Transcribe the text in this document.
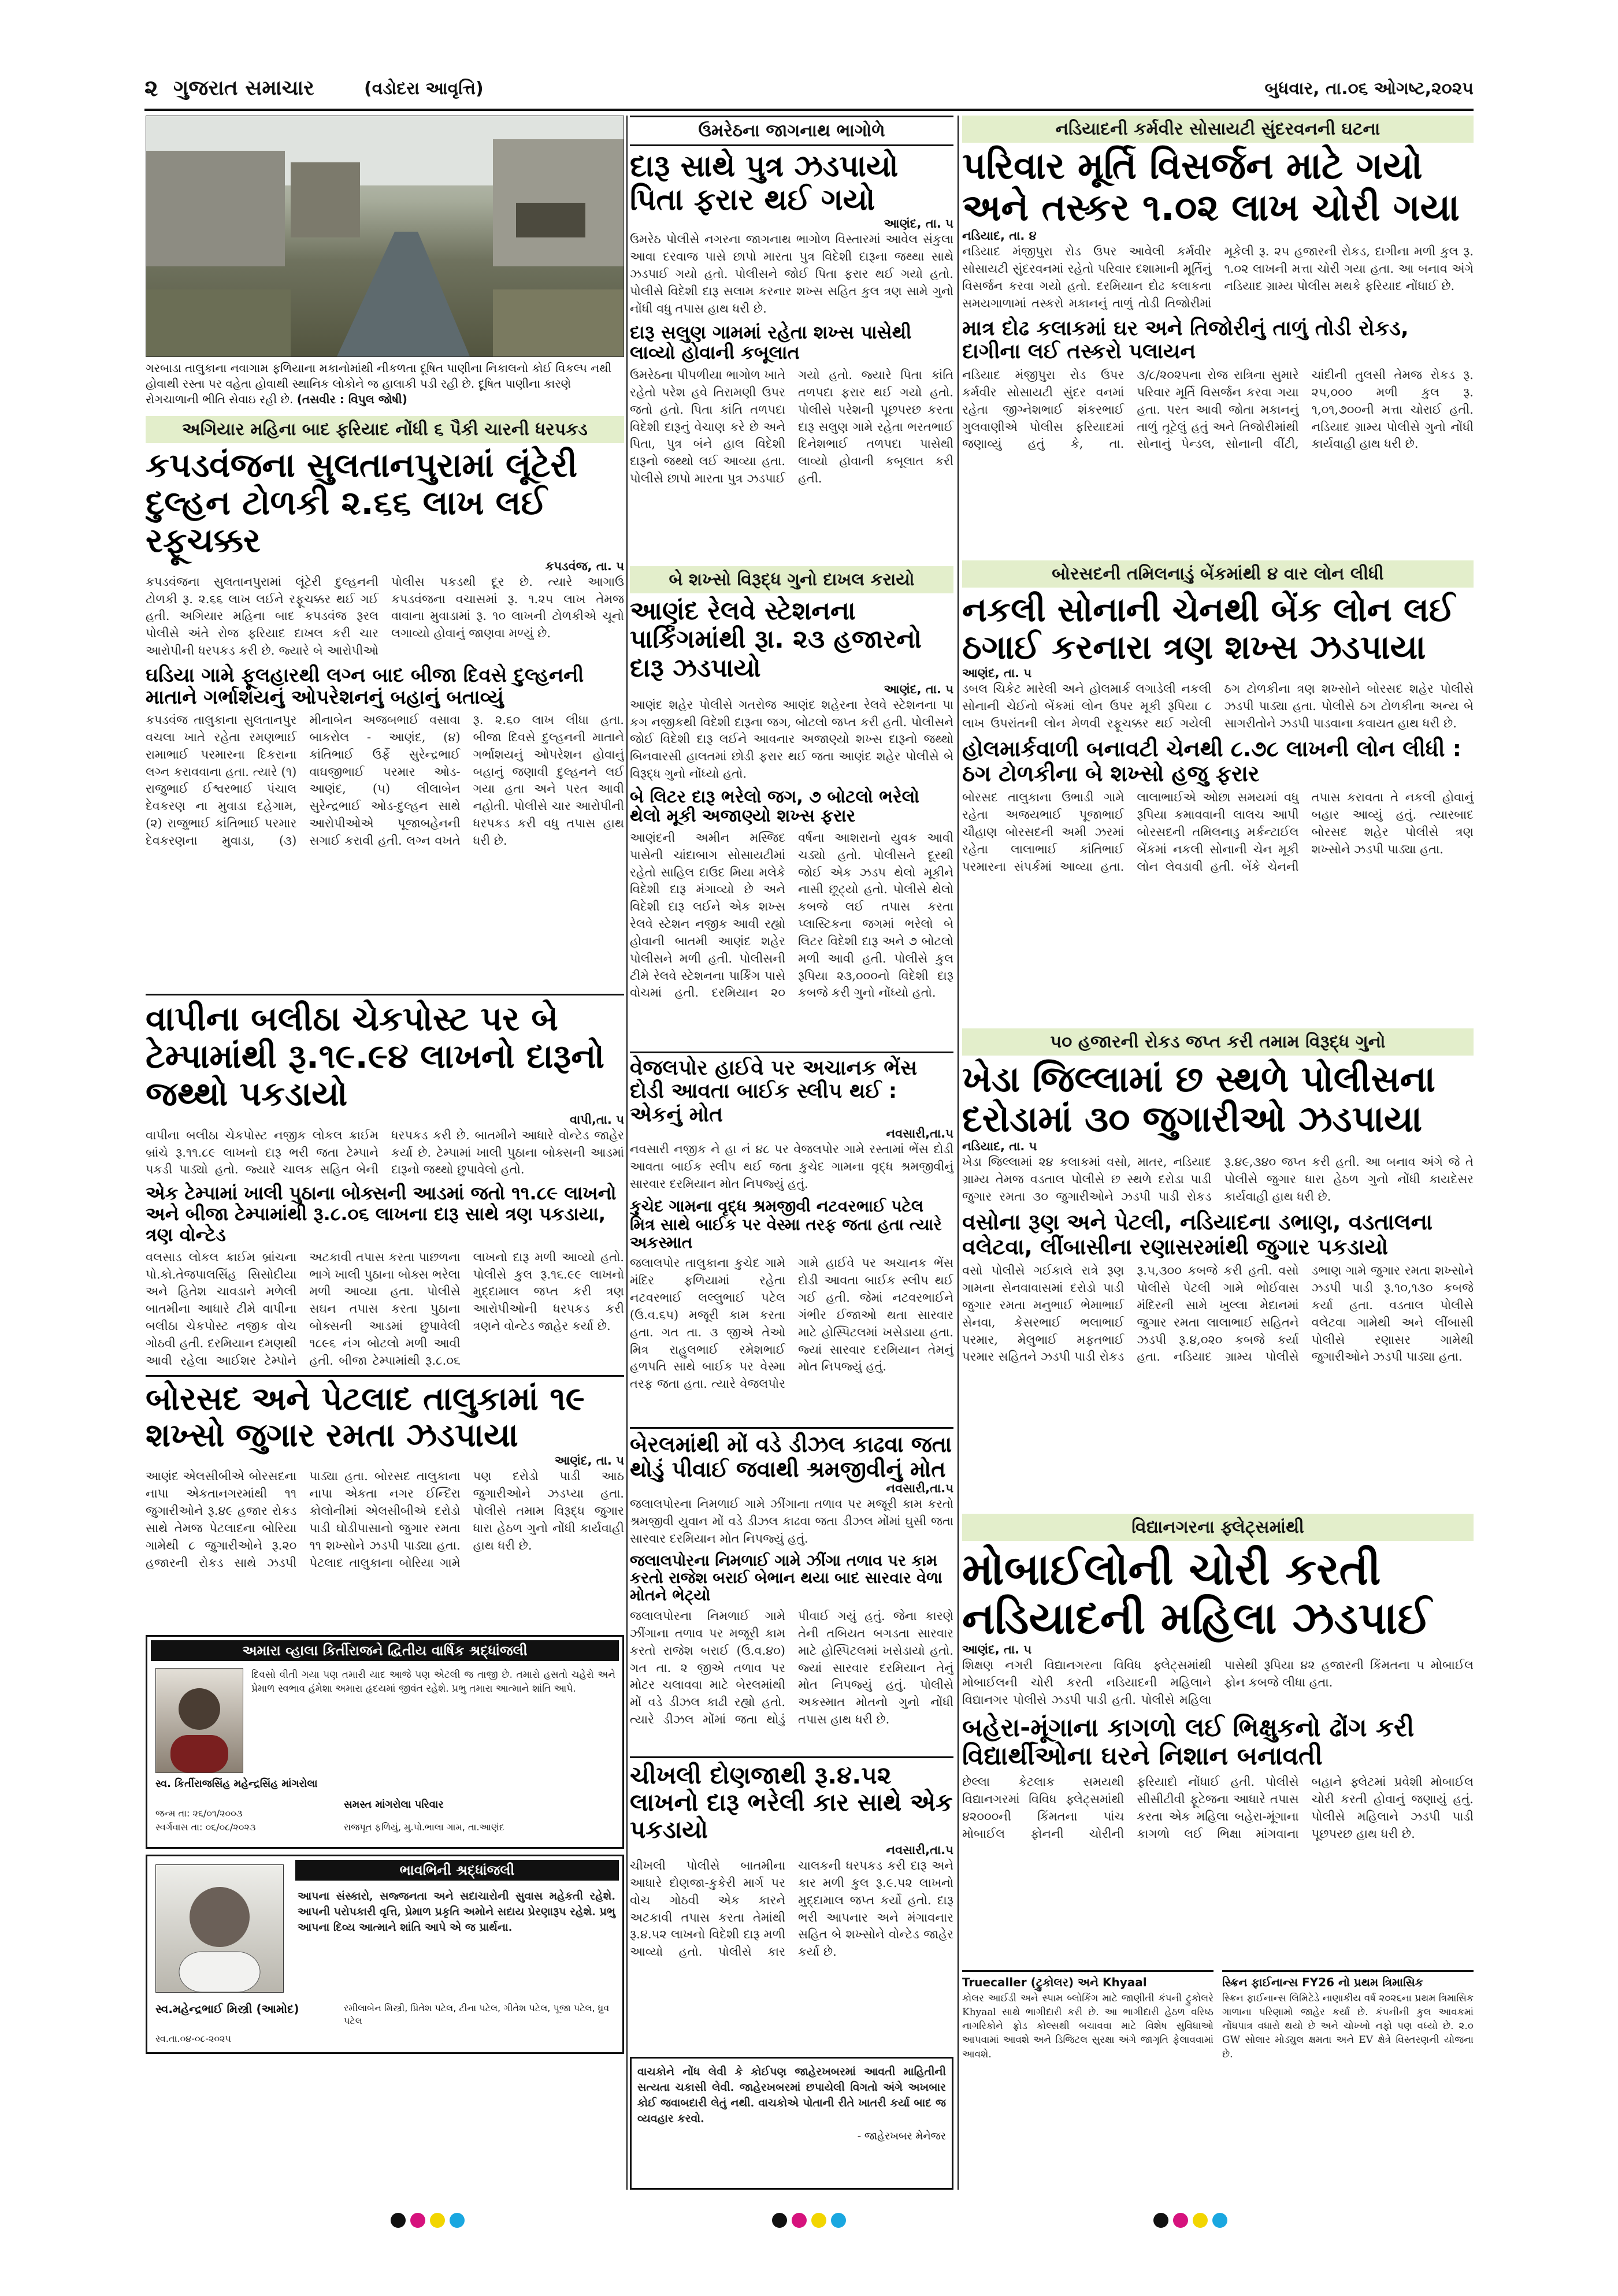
૨ ગુજરાત સમાચાર	(વડોદરા આવૃત્તિ)	બુધવાર, તા.૦૬ ઓગષ્ટ,૨૦૨૫
ગરબાડા તાલુકાના નવાગામ ફળિયાના મકાનોમાંથી નીકળતા દૂષિત પાણીના નિકાલનો કોઈ વિકલ્પ નથી હોવાથી રસ્તા પર વહેતા હોવાથી સ્થાનિક લોકોને જ હાલાકી પડી રહી છે. દૂષિત પાણીના કારણે રોગચાળાની ભીતિ સેવાઇ રહી છે. (તસવીર : વિપુલ જોષી)
ઉમરેઠના જાગનાથ ભાગોળે
દારૂ સાથે પુત્ર ઝડપાયો પિતા ફરાર થઈ ગયો
આણંદ, તા. ૫
ઉમરેઠ પોલીસે નગરના જાગનાથ ભાગોળ વિસ્તારમાં આવેલ સંકુલા આવા દરવાજ પાસે છાપો મારતા પુત્ર વિદેશી દારૂના જથ્થા સાથે ઝડપાઈ ગયો હતો. પોલીસને જોઈ પિતા ફરાર થઈ ગયો હતો. પોલીસે વિદેશી દારૂ સલામ કરનાર શખ્સ સહિત કુલ ત્રણ સામે ગુનો નોંધી વધુ તપાસ હાથ ધરી છે.
દારૂ સલુણ ગામમાં રહેતા શખ્સ પાસેથી લાવ્યો હોવાની કબૂલાત
ઉમરેઠના પીપળીયા ભાગોળ ખાતે રહેતો પરેશ હવે તિરામણી ઉપર જતો હતો. પિતા કાંતિ તળપદા વિદેશી દારૂનું વેચાણ કરે છે અને પિતા, પુત્ર બંને હાલ વિદેશી દારૂનો જથ્થો લઈ આવ્યા હતા. પોલીસે છાપો મારતા પુત્ર ઝડપાઈ ગયો હતો. જ્યારે પિતા કાંતિ તળપદા ફરાર થઈ ગયો હતો. પોલીસે પરેશની પૂછપરછ કરતા દારૂ સલુણ ગામે રહેતા ભરતભાઈ દિનેશભાઈ તળપદા પાસેથી લાવ્યો હોવાની કબૂલાત કરી હતી.
નડિયાદની કર્મવીર સોસાયટી સુંદરવનની ઘટના
પરિવાર મૂર્તિ વિસર્જન માટે ગયો અને તસ્કર ૧.૦૨ લાખ ચોરી ગયા
નડિયાદ, તા. ૪
નડિયાદ મંજીપુરા રોડ ઉપર આવેલી કર્મવીર સોસાયટી સુંદરવનમાં રહેતો પરિવાર દશામાની મૂર્તિનું વિસર્જન કરવા ગયો હતો. દરમિયાન દોઢ કલાકના સમયગાળામાં તસ્કરો મકાનનું તાળું તોડી તિજોરીમાં મૂકેલી રૂ. ૨૫ હજારની રોકડ, દાગીના મળી કુલ રૂ. ૧.૦૨ લાખની મત્તા ચોરી ગયા હતા. આ બનાવ અંગે નડિયાદ ગ્રામ્ય પોલીસ મથકે ફરિયાદ નોંધાઈ છે.
માત્ર દોઢ કલાકમાં ઘર અને તિજોરીનું તાળું તોડી રોકડ, દાગીના લઈ તસ્કરો પલાયન
નડિયાદ મંજીપુરા રોડ ઉપર કર્મવીર સોસાયટી સુંદર વનમાં રહેતા જીગ્નેશભાઈ શંકરભાઈ ગુલવાણીએ પોલીસ ફરિયાદમાં જણાવ્યું હતું કે, તા. ૩/૮/૨૦૨૫ના રોજ રાત્રિના સુમારે પરિવાર મૂર્તિ વિસર્જન કરવા ગયા હતા. પરત આવી જોતા મકાનનું તાળું તૂટેલું હતું અને તિજોરીમાંથી સોનાનું પેન્ડલ, સોનાની વીંટી, ચાંદીની તુલસી તેમજ રોકડ રૂ. ૨૫,૦૦૦ મળી કુલ રૂ. ૧,૦૧,૭૦૦ની મત્તા ચોરાઈ હતી. નડિયાદ ગ્રામ્ય પોલીસે ગુનો નોંધી કાર્યવાહી હાથ ધરી છે.
અગિયાર મહિના બાદ ફરિયાદ નોંધી ૬ પૈકી ચારની ધરપકડ
કપડવંજના સુલતાનપુરામાં લૂંટેરી દુલ્હન ટોળકી ૨.૬૬ લાખ લઈ રફૂચક્કર
કપડવંજ, તા. ૫
કપડવંજના સુલતાનપુરામાં લૂંટેરી દુલ્હનની ટોળકી રૂ. ૨.૬૬ લાખ લઈને રફૂચક્કર થઈ ગઈ હતી. અગિયાર મહિના બાદ કપડવંજ રૂરલ પોલીસે અંતે રોજ ફરિયાદ દાખલ કરી ચાર આરોપીની ધરપકડ કરી છે. જ્યારે બે આરોપીઓ પોલીસ પકડથી દૂર છે. ત્યારે આગાઉ કપડવંજના વચાસમાં રૂ. ૧.૨૫ લાખ તેમજ વાવાના મુવાડામાં રૂ. ૧૦ લાખની ટોળકીએ ચૂનો લગાવ્યો હોવાનું જાણવા મળ્યું છે.
ઘડિયા ગામે ફૂલહારથી લગ્ન બાદ બીજા દિવસે દુલ્હનની માતાને ગર્ભાશયનું ઓપરેશનનું બહાનું બતાવ્યું
કપડવંજ તાલુકાના સુલતાનપુર વચલા ખાતે રહેતા રમણભાઈ રામાભાઈ પરમારના દિકરાના લગ્ન કરાવવાના હતા. ત્યારે (૧) રાજુભાઈ ઈશ્વરભાઈ પંચાલ દેવકરણ ના મુવાડા દહેગામ, (૨) રાજુભાઈ કાંતિભાઈ પરમાર દેવકરણના મુવાડા, (૩) મીનાબેન અજબભાઈ વસાવા બાકરોલ - આણંદ, (૪) કાંતિભાઈ ઉર્ફે સુરેન્દ્રભાઈ વાઘજીભાઈ પરમાર ઓડ-આણંદ, (૫) લીલાબેન સુરેન્દ્રભાઈ ઓડ-દુલ્હન સાથે આરોપીઓએ પૂજાબહેનની સગાઈ કરાવી હતી. લગ્ન વખતે રૂ. ૨.૬૦ લાખ લીધા હતા. બીજા દિવસે દુલ્હનની માતાને ગર્ભાશયનું ઓપરેશન હોવાનું બહાનું જણાવી દુલ્હનને લઈ ગયા હતા અને પરત આવી નહોતી. પોલીસે ચાર આરોપીની ધરપકડ કરી વધુ તપાસ હાથ ધરી છે.
બે શખ્સો વિરૂદ્ધ ગુનો દાખલ કરાયો
આણંદ રેલવે સ્ટેશનના પાર્કિંગમાંથી રૂા. ૨૩ હજારનો દારૂ ઝડપાયો
આણંદ, તા. ૫
આણંદ શહેર પોલીસે ગતરોજ આણંદ શહેરના રેલવે સ્ટેશનના પા કગ નજીકથી વિદેશી દારૂના જગ, બોટલો જપ્ત કરી હતી. પોલીસને જોઈ વિદેશી દારૂ લઈને આવનાર અજાણ્યો શખ્સ દારૂનો જથ્થો બિનવારસી હાલતમાં છોડી ફરાર થઈ જતા આણંદ શહેર પોલીસે બે વિરૂદ્ધ ગુનો નોંધ્યો હતો.
બે લિટર દારૂ ભરેલો જગ, ૭ બોટલો ભરેલો થેલો મૂકી અજાણ્યો શખ્સ ફરાર
આણંદની અમીન મસ્જિદ પાસેની ચાંદાબાગ સોસાયટીમાં રહેતો સાહિલ દાઉદ મિયા મલેકે વિદેશી દારૂ મંગાવ્યો છે અને વિદેશી દારૂ લઈને એક શખ્સ રેલવે સ્ટેશન નજીક આવી રહ્યો હોવાની બાતમી આણંદ શહેર પોલીસને મળી હતી. પોલીસની ટીમે રેલવે સ્ટેશનના પાર્કિંગ પાસે વોચમાં હતી. દરમિયાન ૨૦ વર્ષના આશરાનો યુવક આવી ચડ્યો હતો. પોલીસને દૂરથી જોઈ એક ઝડપ થેલો મૂકીને નાસી છૂટ્યો હતો. પોલીસે થેલો કબજે લઈ તપાસ કરતા પ્લાસ્ટિકના જગમાં ભરેલો બે લિટર વિદેશી દારૂ અને ૭ બોટલો મળી આવી હતી. પોલીસે કુલ રૂપિયા ૨૩,૦૦૦નો વિદેશી દારૂ કબજે કરી ગુનો નોંધ્યો હતો.
બોરસદની તમિલનાડું બેંકમાંથી ૪ વાર લોન લીધી
નકલી સોનાની ચેનથી બેંક લોન લઈ ઠગાઈ કરનારા ત્રણ શખ્સ ઝડપાયા
આણંદ, તા. ૫
ડબલ ચિકેટ મારેલી અને હોલમાર્ક લગાડેલી નકલી સોનાની ચેઈનો બેંકમાં લોન ઉપર મૂકી રૂપિયા ૮ લાખ ઉપરાંતની લોન મેળવી રફૂચક્કર થઈ ગયેલી ઠગ ટોળકીના ત્રણ શખ્સોને બોરસદ શહેર પોલીસે ઝડપી પાડ્યા હતા. પોલીસે ઠગ ટોળકીના અન્ય બે સાગરીતોને ઝડપી પાડવાના કવાયત હાથ ધરી છે.
હોલમાર્કવાળી બનાવટી ચેનથી ૮.૭૮ લાખની લોન લીધી : ઠગ ટોળકીના બે શખ્સો હજુ ફરાર
બોરસદ તાલુકાના ઉભાડી ગામે રહેતા અજયભાઈ પૂજાભાઈ ચૌહાણ બોરસદની અમી ઝરમાં રહેતા લાલાભાઈ કાંતિભાઈ પરમારના સંપર્કમાં આવ્યા હતા. લાલાભાઈએ ઓછા સમયમાં વધુ રૂપિયા કમાવવાની લાલચ આપી બોરસદની તમિલનાડુ મર્કન્ટાઈલ બેંકમાં નકલી સોનાની ચેન મૂકી લોન લેવડાવી હતી. બેંકે ચેનની તપાસ કરાવતા તે નકલી હોવાનું બહાર આવ્યું હતું. ત્યારબાદ બોરસદ શહેર પોલીસે ત્રણ શખ્સોને ઝડપી પાડ્યા હતા.
વાપીના બલીઠા ચેકપોસ્ટ પર બે ટેમ્પામાંથી રૂ.૧૯.૯૪ લાખનો દારૂનો જથ્થો પકડાયો
વાપી,તા. ૫
વાપીના બલીઠા ચેકપોસ્ટ નજીક લોકલ ક્રાઈમ બ્રાંચે રૂ.૧૧.૮૯ લાખનો દારૂ ભરી જતા ટેમ્પાને પકડી પાડ્યો હતો. જ્યારે ચાલક સહિત બેની ધરપકડ કરી છે. બાતમીને આધારે વોન્ટેડ જાહેર કર્યા છે. ટેમ્પામાં ખાલી પુઠાના બોક્સની આડમાં દારૂનો જથ્થો છુપાવેલો હતો.
એક ટેમ્પામાં ખાલી પુઠાના બોક્સની આડમાં જતો ૧૧.૮૯ લાખનો અને બીજા ટેમ્પામાંથી રૂ.૮.૦૬ લાખના દારૂ સાથે ત્રણ પકડાયા, ત્રણ વોન્ટેડ
વલસાડ લોકલ ક્રાઈમ બ્રાંચના પો.કો.તેજપાલસિંહ સિસોદીયા અને હિતેશ ચાવડાને મળેલી બાતમીના આધારે ટીમે વાપીના બલીઠા ચેકપોસ્ટ નજીક વોચ ગોઠવી હતી. દરમિયાન દમણથી આવી રહેલા આઈશર ટેમ્પોને અટકાવી તપાસ કરતા પાછળના ભાગે ખાલી પુઠાના બોક્સ ભરેલા મળી આવ્યા હતા. પોલીસે સઘન તપાસ કરતા પુઠાના બોક્સની આડમાં છુપાવેલી ૧૮૯૬ નંગ બોટલો મળી આવી હતી. બીજા ટેમ્પામાંથી રૂ.૮.૦૬ લાખનો દારૂ મળી આવ્યો હતો. પોલીસે કુલ રૂ.૧૬.૯૯ લાખનો મુદ્દામાલ જપ્ત કરી ત્રણ આરોપીઓની ધરપકડ કરી ત્રણને વોન્ટેડ જાહેર કર્યા છે.
વેજલપોર હાઈવે પર અચાનક ભેંસ દોડી આવતા બાઈક સ્લીપ થઈ : એકનું મોત
નવસારી,તા.૫
નવસારી નજીક ને હા નં ૪૮ પર વેજલપોર ગામે રસ્તામાં ભેંસ દોડી આવતા બાઈક સ્લીપ થઈ જતા કુચેદ ગામના વૃદ્ધ શ્રમજીવીનું સારવાર દરમિયાન મોત નિપજ્યું હતું.
કુચેદ ગામના વૃદ્ધ શ્રમજીવી નટવરભાઈ પટેલ મિત્ર સાથે બાઈક પર વેસ્મા તરફ જતા હતા ત્યારે અકસ્માત
જલાલપોર તાલુકાના કુચેદ ગામે મંદિર ફળિયામાં રહેતા નટવરભાઈ લલ્લુભાઈ પટેલ (ઉ.વ.૬૫) મજૂરી કામ કરતા હતા. ગત તા. ૩ જીએ તેઓ મિત્ર રાહુલભાઈ રમેશભાઈ હળપતિ સાથે બાઈક પર વેસ્મા તરફ જતા હતા. ત્યારે વેજલપોર ગામે હાઈવે પર અચાનક ભેંસ દોડી આવતા બાઈક સ્લીપ થઈ ગઈ હતી. જેમાં નટવરભાઈને ગંભીર ઈજાઓ થતા સારવાર માટે હોસ્પિટલમાં ખસેડાયા હતા. જ્યાં સારવાર દરમિયાન તેમનું મોત નિપજ્યું હતું.
૫૦ હજારની રોકડ જપ્ત કરી તમામ વિરૂદ્ધ ગુનો
ખેડા જિલ્લામાં છ સ્થળે પોલીસના દરોડામાં ૩૦ જુગારીઓ ઝડપાયા
નડિયાદ, તા. ૫
ખેડા જિલ્લામાં ૨૪ કલાકમાં વસો, માતર, નડિયાદ ગ્રામ્ય તેમજ વડતાલ પોલીસે છ સ્થળે દરોડા પાડી જુગાર રમતા ૩૦ જુગારીઓને ઝડપી પાડી રોકડ રૂ.૪૯,૩૪૦ જપ્ત કરી હતી. આ બનાવ અંગે જે તે પોલીસે જુગાર ધારા હેઠળ ગુનો નોંધી કાયદેસર કાર્યવાહી હાથ ધરી છે.
વસોના રૂણ અને પેટલી, નડિયાદના ડભાણ, વડતાલના વલેટવા, લીંબાસીના રણાસરમાંથી જુગાર પકડાયો
વસો પોલીસે ગઈકાલે રાત્રે રૂણ ગામના સેનવાવાસમાં દરોડો પાડી જુગાર રમતા મનુભાઈ ભેમાભાઈ સેનવા, કેસરભાઈ ભલાભાઈ પરમાર, મેલુભાઈ મફતભાઈ પરમાર સહિતને ઝડપી પાડી રોકડ રૂ.૫,૩૦૦ કબજે કરી હતી. વસો પોલીસે પેટલી ગામે ભોઈવાસ મંદિરની સામે ખુલ્લા મેદાનમાં જુગાર રમતા લાલાભાઈ સહિતને ઝડપી રૂ.૪,૦૨૦ કબજે કર્યા હતા. નડિયાદ ગ્રામ્ય પોલીસે ડભાણ ગામે જુગાર રમતા શખ્સોને ઝડપી પાડી રૂ.૧૦,૧૩૦ કબજે કર્યા હતા. વડતાલ પોલીસે વલેટવા ગામેથી અને લીંબાસી પોલીસે રણાસર ગામેથી જુગારીઓને ઝડપી પાડ્યા હતા.
બોરસદ અને પેટલાદ તાલુકામાં ૧૯ શખ્સો જુગાર રમતા ઝડપાયા
આણંદ, તા. ૫
આણંદ એલસીબીએ બોરસદના નાપા એકતાનગરમાંથી ૧૧ જુગારીઓને રૂ.૪૯ હજાર રોકડ સાથે તેમજ પેટલાદના બોરિયા ગામેથી ૮ જુગારીઓને રૂ.૨૦ હજારની રોકડ સાથે ઝડપી પાડ્યા હતા. બોરસદ તાલુકાના નાપા એકતા નગર ઈન્દિરા કોલોનીમાં એલસીબીએ દરોડો પાડી ઘોડીપાસાનો જુગાર રમતા ૧૧ શખ્સોને ઝડપી પાડ્યા હતા. પેટલાદ તાલુકાના બોરિયા ગામે પણ દરોડો પાડી આઠ જુગારીઓને ઝડપ્યા હતા. પોલીસે તમામ વિરૂદ્ધ જુગાર ધારા હેઠળ ગુનો નોંધી કાર્યવાહી હાથ ધરી છે.
બેરલમાંથી મોં વડે ડીઝલ કાઢવા જતા થોડું પીવાઈ જવાથી શ્રમજીવીનું મોત
નવસારી,તા.૫
જલાલપોરના નિમળાઈ ગામે ઝીંગાના તળાવ પર મજૂરી કામ કરતો શ્રમજીવી યુવાન મોં વડે ડીઝલ કાઢવા જતા ડીઝલ મોંમાં ઘુસી જતા સારવાર દરમિયાન મોત નિપજ્યું હતું.
જલાલપોરના નિમળાઈ ગામે ઝીંગા તળાવ પર કામ કરતો રાજેશ બરાઈ બેભાન થયા બાદ સારવાર વેળા મોતને ભેટ્યો
જલાલપોરના નિમળાઈ ગામે ઝીંગાના તળાવ પર મજૂરી કામ કરતો રાજેશ બરાઈ (ઉ.વ.૪૦) ગત તા. ૨ જીએ તળાવ પર મોટર ચલાવવા માટે બેરલમાંથી મોં વડે ડીઝલ કાઢી રહ્યો હતો. ત્યારે ડીઝલ મોંમાં જતા થોડું પીવાઈ ગયું હતું. જેના કારણે તેની તબિયત બગડતા સારવાર માટે હોસ્પિટલમાં ખસેડાયો હતો. જ્યાં સારવાર દરમિયાન તેનું મોત નિપજ્યું હતું. પોલીસે અકસ્માત મોતનો ગુનો નોંધી તપાસ હાથ ધરી છે.
ચીખલી દોણજાથી રૂ.૪.૫૨ લાખનો દારૂ ભરેલી કાર સાથે એક પકડાયો
નવસારી,તા.૫
ચીખલી પોલીસે બાતમીના આધારે દોણજા-કુકેરી માર્ગ પર વોચ ગોઠવી એક કારને અટકાવી તપાસ કરતા તેમાંથી રૂ.૪.૫૨ લાખનો વિદેશી દારૂ મળી આવ્યો હતો. પોલીસે કાર ચાલકની ધરપકડ કરી દારૂ અને કાર મળી કુલ રૂ.૯.૫૨ લાખનો મુદ્દામાલ જપ્ત કર્યો હતો. દારૂ ભરી આપનાર અને મંગાવનાર સહિત બે શખ્સોને વોન્ટેડ જાહેર કર્યા છે.
વિદ્યાનગરના ફ્લેટ્સમાંથી
મોબાઈલોની ચોરી કરતી નડિયાદની મહિલા ઝડપાઈ
આણંદ, તા. ૫
શિક્ષણ નગરી વિદ્યાનગરના વિવિધ ફ્લેટ્સમાંથી મોબાઈલની ચોરી કરતી નડિયાદની મહિલાને વિદ્યાનગર પોલીસે ઝડપી પાડી હતી. પોલીસે મહિલા પાસેથી રૂપિયા ૪૨ હજારની કિંમતના ૫ મોબાઈલ ફોન કબજે લીધા હતા.
બહેરા-મૂંગાના કાગળો લઈ ભિક્ષુકનો ઢોંગ કરી વિદ્યાર્થીઓના ઘરને નિશાન બનાવતી
છેલ્લા કેટલાક સમયથી વિદ્યાનગરમાં વિવિધ ફ્લેટ્સમાંથી ૪૨૦૦૦ની કિંમતના પાંચ મોબાઈલ ફોનની ચોરીની ફરિયાદો નોંધાઈ હતી. પોલીસે સીસીટીવી ફૂટેજના આધારે તપાસ કરતા એક મહિલા બહેરા-મૂંગાના કાગળો લઈ ભિક્ષા માંગવાના બહાને ફ્લેટમાં પ્રવેશી મોબાઈલ ચોરી કરતી હોવાનું જણાયું હતું. પોલીસે મહિલાને ઝડપી પાડી પૂછપરછ હાથ ધરી છે.
અમારા વ્હાલા કિર્તીરાજને દ્વિતીય વાર્ષિક શ્રદ્ધાંજલી
દિવસો વીતી ગયા પણ તમારી યાદ આજે પણ એટલી જ તાજી છે. તમારો હસતો ચહેરો અને પ્રેમાળ સ્વભાવ હંમેશા અમારા હૃદયમાં જીવંત રહેશે. પ્રભુ તમારા આત્માને શાંતિ આપે.
સ્વ. કિર્તીરાજસિંહ મહેન્દ્રસિંહ માંગરોલા
જન્મ તા: ૨૬/૦૧/૨૦૦૩
સ્વર્ગવાસ તા: ૦૬/૦૮/૨૦૨૩
સમસ્ત માંગરોલા પરિવાર
રાજપૂત ફળિયું, મુ.પો.ભાલા ગામ, તા.આણંદ
ભાવભિની શ્રદ્ધાંજલી
આપના સંસ્કારો, સજ્જનતા અને સદાચારોની સુવાસ મહેકતી રહેશે. આપની પરોપકારી વૃત્તિ, પ્રેમાળ પ્રકૃતિ અમોને સદાય પ્રેરણારૂપ રહેશે. પ્રભુ આપના દિવ્ય આત્માને શાંતિ આપે એ જ પ્રાર્થના.
સ્વ.મહેન્દ્રભાઈ મિસ્ત્રી (આમોદ)
સ્વ.તા.૦૪-૦૮-૨૦૨૫
રમીલાબેન મિસ્ત્રી, પ્રિતેશ પટેલ, ટીના પટેલ, ગીતેશ પટેલ, પૂજા પટેલ, ધ્રુવ પટેલ
વાચકોને નોંધ લેવી કે કોઈપણ જાહેરખબરમાં આવતી માહિતીની સત્યતા ચકાસી લેવી. જાહેરખબરમાં છપાયેલી વિગતો અંગે અખબાર કોઈ જવાબદારી લેતું નથી. વાચકોએ પોતાની રીતે ખાતરી કર્યા બાદ જ વ્યવહાર કરવો.
- જાહેરખબર મેનેજર
Truecaller (ટ્રુકોલર) અને Khyaal
કોલર આઈડી અને સ્પામ બ્લોકિંગ માટે જાણીતી કંપની ટ્રુકોલરે Khyaal સાથે ભાગીદારી કરી છે. આ ભાગીદારી હેઠળ વરિષ્ઠ નાગરિકોને ફ્રોડ કોલ્સથી બચાવવા માટે વિશેષ સુવિધાઓ આપવામાં આવશે અને ડિજિટલ સુરક્ષા અંગે જાગૃતિ ફેલાવવામાં આવશે.
સ્ક્રિન ફાઈનાન્સ FY26 નો પ્રથમ ત્રિમાસિક
સ્ક્રિન ફાઈનાન્સ લિમિટેડે નાણાકીય વર્ષ ૨૦૨૬ના પ્રથમ ત્રિમાસિક ગાળાના પરિણામો જાહેર કર્યા છે. કંપનીની કુલ આવકમાં નોંધપાત્ર વધારો થયો છે અને ચોખ્ખો નફો પણ વધ્યો છે. ૨.૦ GW સોલાર મોડ્યુલ ક્ષમતા અને EV ક્ષેત્રે વિસ્તરણની યોજના છે.
